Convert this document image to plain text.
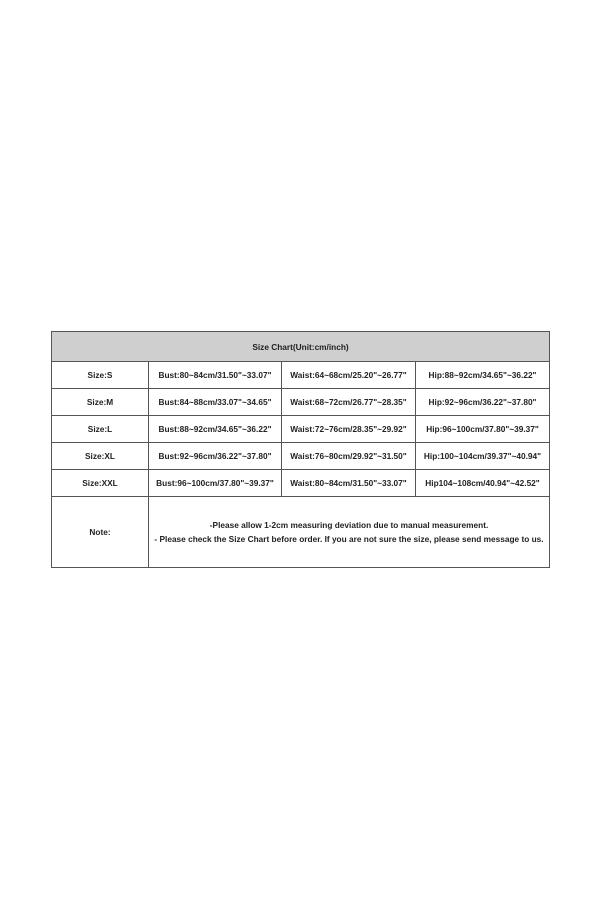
Size Chart(Unit:cm/inch)			
Size:S	Bust:80~84cm/31.50"~33.07"	Waist:64~68cm/25.20"~26.77"	Hip:88~92cm/34.65"~36.22"
Size:M	Bust:84~88cm/33.07"~34.65"	Waist:68~72cm/26.77"~28.35"	Hip:92~96cm/36.22"~37.80"
Size:L	Bust:88~92cm/34.65"~36.22"	Waist:72~76cm/28.35"~29.92"	Hip:96~100cm/37.80"~39.37"
Size:XL	Bust:92~96cm/36.22"~37.80"	Waist:76~80cm/29.92"~31.50"	Hip:100~104cm/39.37"~40.94"
Size:XXL	Bust:96~100cm/37.80"~39.37"	Waist:80~84cm/31.50"~33.07"	Hip104~108cm/40.94"~42.52"
Note:	-Please allow 1-2cm measuring deviation due to manual measurement.
- Please check the Size Chart before order. If you are not sure the size, please send message to us.		
